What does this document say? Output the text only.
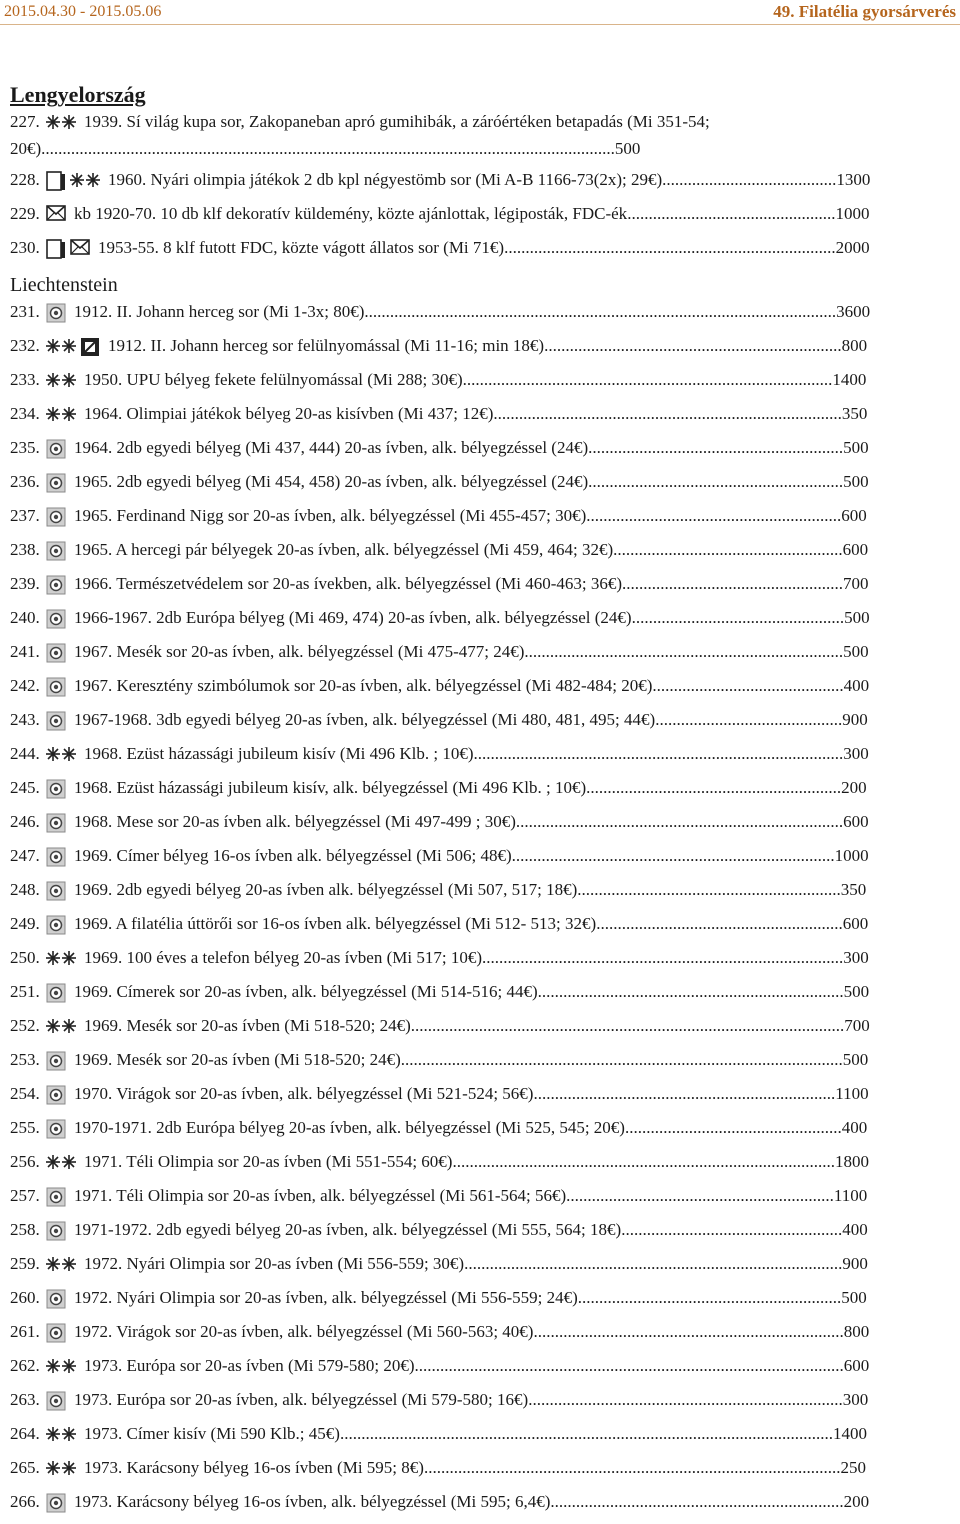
2015.04.30 - 2015.05.06	49. Filatélia gyorsárverés
Lengyelország
227. 1939. Sí világ kupa sor, Zakopaneban apró gumihibák, a záróértéken betapadás (Mi 351-54; 20€).......................................................................................................................................500
228.	1960. Nyári olimpia játékok 2 db kpl négyestömb sor (Mi A-B 1166-73(2x); 29€).........................................1300
229. kb 1920-70. 10 db klf dekoratív küldemény, közte ajánlottak, légiposták, FDC-ék.................................................1000
230.	1953-55. 8 klf futott FDC, közte vágott állatos sor (Mi 71€)..............................................................................2000
Liechtenstein
231. 1912. II. Johann herceg sor (Mi 1-3x; 80€)...............................................................................................................3600
232.	1912. II. Johann herceg sor felülnyomással (Mi 11-16; min 18€)......................................................................800
233. 1950. UPU bélyeg fekete felülnyomással (Mi 288; 30€).......................................................................................1400
234. 1964. Olimpiai játékok bélyeg 20-as kisívben (Mi 437; 12€)..................................................................................350
235. 1964. 2db egyedi bélyeg (Mi 437, 444) 20-as ívben, alk. bélyegzéssel (24€)............................................................500
236. 1965. 2db egyedi bélyeg (Mi 454, 458) 20-as ívben, alk. bélyegzéssel (24€)............................................................500
237. 1965. Ferdinand Nigg sor 20-as ívben, alk. bélyegzéssel (Mi 455-457; 30€)............................................................600
238. 1965. A hercegi pár bélyegek 20-as ívben, alk. bélyegzéssel (Mi 459, 464; 32€)......................................................600
239. 1966. Természetvédelem sor 20-as ívekben, alk. bélyegzéssel (Mi 460-463; 36€)....................................................700
240. 1966-1967. 2db Európa bélyeg (Mi 469, 474) 20-as ívben, alk. bélyegzéssel (24€)..................................................500
241. 1967. Mesék sor 20-as ívben, alk. bélyegzéssel (Mi 475-477; 24€)...........................................................................500
242. 1967. Keresztény szimbólumok sor 20-as ívben, alk. bélyegzéssel (Mi 482-484; 20€).............................................400
243. 1967-1968. 3db egyedi bélyeg 20-as ívben, alk. bélyegzéssel (Mi 480, 481, 495; 44€)............................................900
244. 1968. Ezüst házassági jubileum kisív (Mi 496 Klb. ; 10€).......................................................................................300
245. 1968. Ezüst házassági jubileum kisív, alk. bélyegzéssel (Mi 496 Klb. ; 10€)............................................................200
246. 1968. Mese sor 20-as ívben alk. bélyegzéssel (Mi 497-499 ; 30€).............................................................................600
247. 1969. Címer bélyeg 16-os ívben alk. bélyegzéssel (Mi 506; 48€)............................................................................1000
248. 1969. 2db egyedi bélyeg 20-as ívben alk. bélyegzéssel (Mi 507, 517; 18€)..............................................................350
249. 1969. A filatélia úttörői sor 16-os ívben alk. bélyegzéssel (Mi 512- 513; 32€)..........................................................600
250. 1969. 100 éves a telefon bélyeg 20-as ívben (Mi 517; 10€).....................................................................................300
251. 1969. Címerek sor 20-as ívben, alk. bélyegzéssel (Mi 514-516; 44€)........................................................................500
252. 1969. Mesék sor 20-as ívben (Mi 518-520; 24€)......................................................................................................700
253. 1969. Mesék sor 20-as ívben (Mi 518-520; 24€)........................................................................................................500
254. 1970. Virágok sor 20-as ívben, alk. bélyegzéssel (Mi 521-524; 56€).......................................................................1100
255. 1970-1971. 2db Európa bélyeg 20-as ívben, alk. bélyegzéssel (Mi 525, 545; 20€)...................................................400
256. 1971. Téli Olimpia sor 20-as ívben (Mi 551-554; 60€)..........................................................................................1800
257. 1971. Téli Olimpia sor 20-as ívben, alk. bélyegzéssel (Mi 561-564; 56€)...............................................................1100
258. 1971-1972. 2db egyedi bélyeg 20-as ívben, alk. bélyegzéssel (Mi 555, 564; 18€)....................................................400
259. 1972. Nyári Olimpia sor 20-as ívben (Mi 556-559; 30€).........................................................................................900
260. 1972. Nyári Olimpia sor 20-as ívben, alk. bélyegzéssel (Mi 556-559; 24€)..............................................................500
261. 1972. Virágok sor 20-as ívben, alk. bélyegzéssel (Mi 560-563; 40€).........................................................................800
262. 1973. Európa sor 20-as ívben (Mi 579-580; 20€).....................................................................................................600
263. 1973. Európa sor 20-as ívben, alk. bélyegzéssel (Mi 579-580; 16€)..........................................................................300
264. 1973. Címer kisív (Mi 590 Klb.; 45€)....................................................................................................................1400
265. 1973. Karácsony bélyeg 16-os ívben (Mi 595; 8€)..................................................................................................250
266. 1973. Karácsony bélyeg 16-os ívben, alk. bélyegzéssel (Mi 595; 6,4€).....................................................................200
